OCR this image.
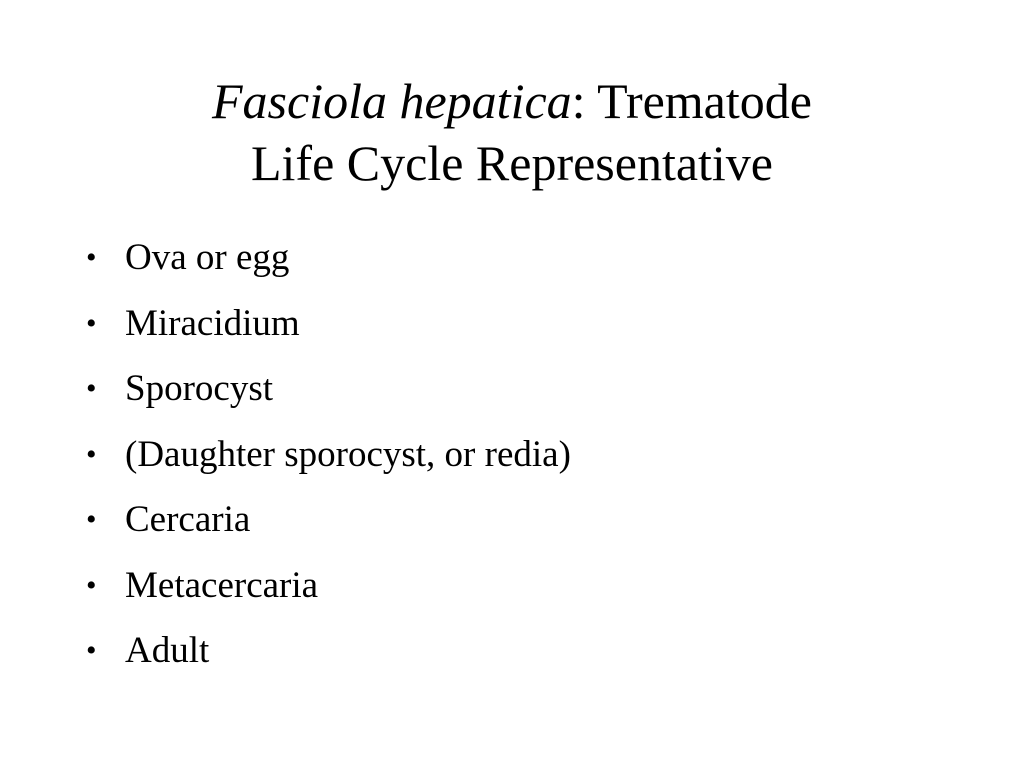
Fasciola hepatica: Trematode
Life Cycle Representative
• Ova or egg
• Miracidium
• Sporocyst
• (Daughter sporocyst, or redia)
• Cercaria
• Metacercaria
• Adult
